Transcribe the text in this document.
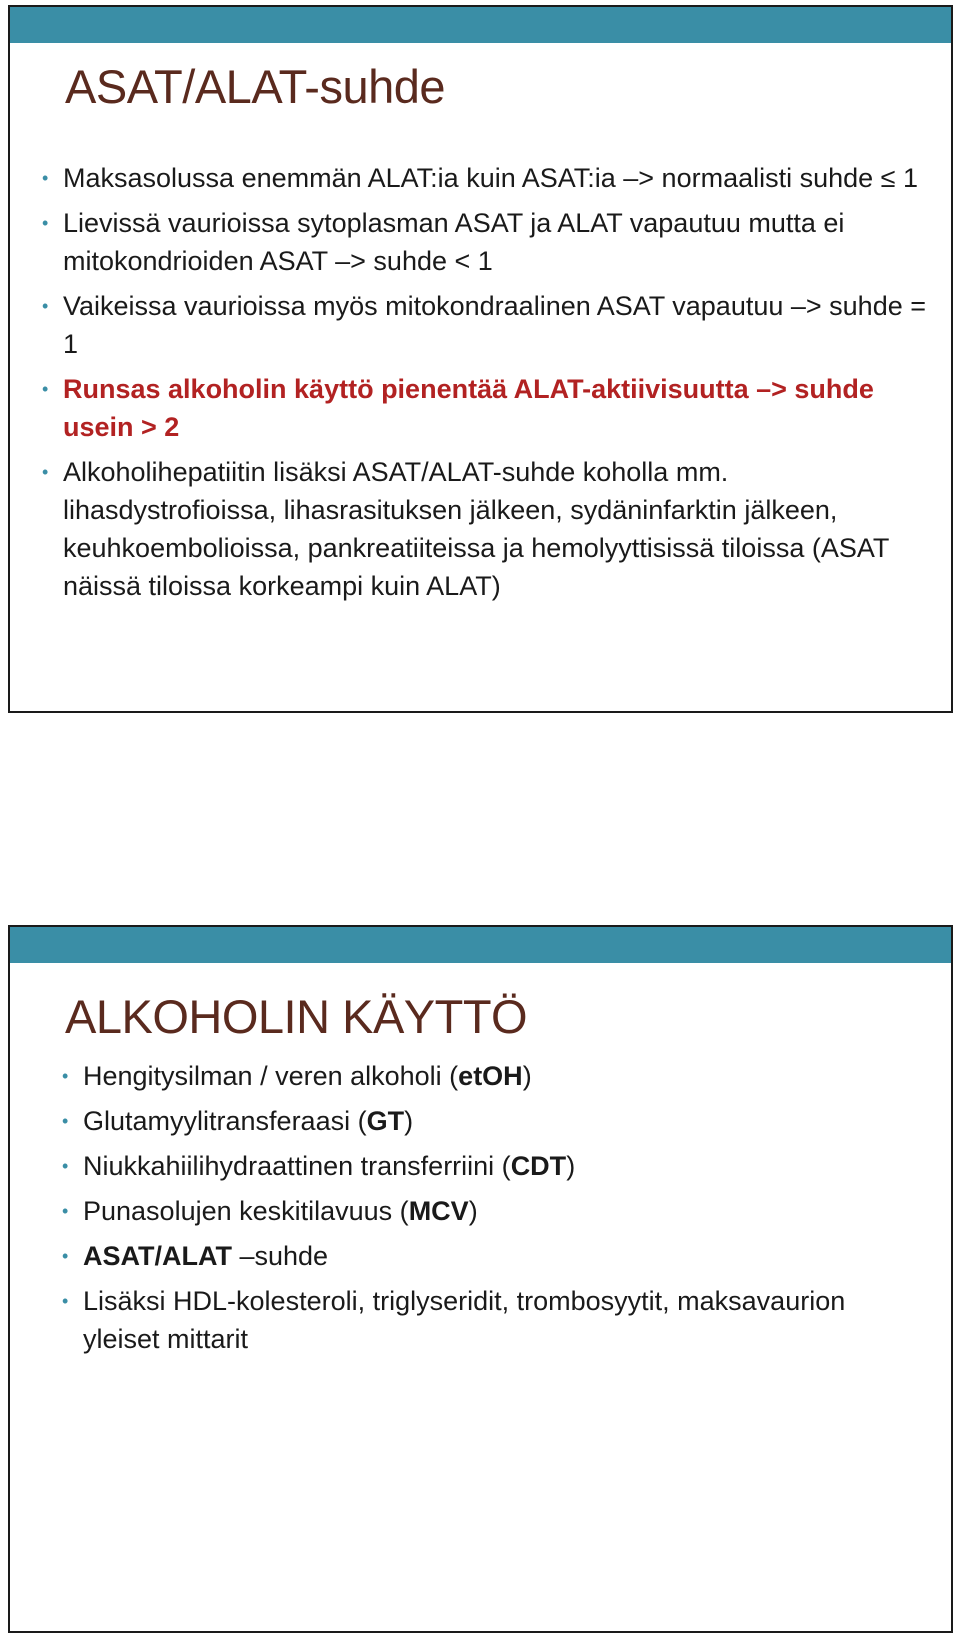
ASAT/ALAT-suhde
• Maksasolussa enemmän ALAT:ia kuin ASAT:ia –> normaalisti suhde ≤ 1
• Lievissä vaurioissa sytoplasman ASAT ja ALAT vapautuu mutta ei mitokondrioiden ASAT –> suhde < 1
• Vaikeissa vaurioissa myös mitokondraalinen ASAT vapautuu –> suhde = 1
• Runsas alkoholin käyttö pienentää ALAT-aktiivisuutta –> suhde usein > 2
• Alkoholihepatiitin lisäksi ASAT/ALAT-suhde koholla mm. lihasdystrofioissa, lihasrasituksen jälkeen, sydäninfarktin jälkeen, keuhkoembolioissa, pankreatiiteissa ja hemolyyttisissä tiloissa (ASAT näissä tiloissa korkeampi kuin ALAT)
ALKOHOLIN KÄYTTÖ
• Hengitysilman / veren alkoholi (etOH)
• Glutamyylitransferaasi (GT)
• Niukkahiilihydraattinen transferriini (CDT)
• Punasolujen keskitilavuus (MCV)
• ASAT/ALAT –suhde
• Lisäksi HDL-kolesteroli, triglyseridit, trombosyytit, maksavaurion yleiset mittarit
